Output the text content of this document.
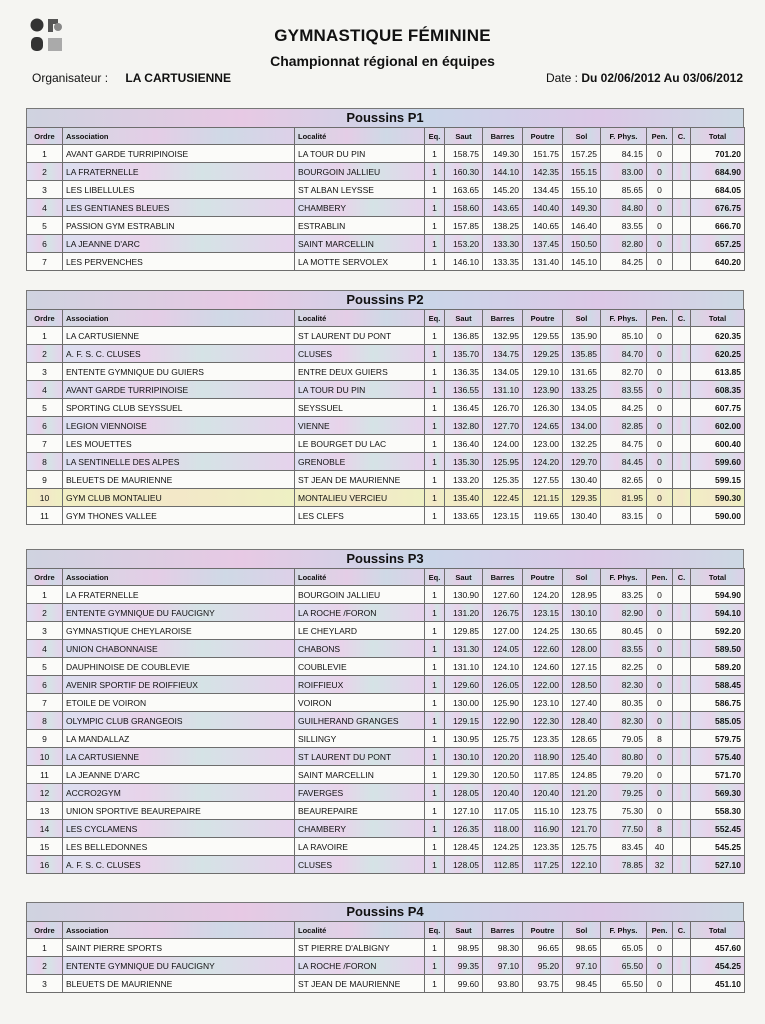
GYMNASTIQUE FÉMININE
Championnat régional en équipes
Organisateur : LA CARTUSIENNE	Date : Du 02/06/2012 Au 03/06/2012
Poussins P1
Ordre	Association	Localité	Eq.	Saut	Barres	Poutre	Sol	F. Phys.	Pen.	C.	Total
1	AVANT GARDE TURRIPINOISE	LA TOUR DU PIN	1	158.75	149.30	151.75	157.25	84.15	0		701.20
2	LA FRATERNELLE	BOURGOIN JALLIEU	1	160.30	144.10	142.35	155.15	83.00	0		684.90
3	LES LIBELLULES	ST ALBAN LEYSSE	1	163.65	145.20	134.45	155.10	85.65	0		684.05
4	LES GENTIANES BLEUES	CHAMBERY	1	158.60	143.65	140.40	149.30	84.80	0		676.75
5	PASSION GYM ESTRABLIN	ESTRABLIN	1	157.85	138.25	140.65	146.40	83.55	0		666.70
6	LA JEANNE D'ARC	SAINT MARCELLIN	1	153.20	133.30	137.45	150.50	82.80	0		657.25
7	LES PERVENCHES	LA MOTTE SERVOLEX	1	146.10	133.35	131.40	145.10	84.25	0		640.20
Poussins P2
Ordre	Association	Localité	Eq.	Saut	Barres	Poutre	Sol	F. Phys.	Pen.	C.	Total
1	LA CARTUSIENNE	ST LAURENT DU PONT	1	136.85	132.95	129.55	135.90	85.10	0		620.35
2	A. F. S. C. CLUSES	CLUSES	1	135.70	134.75	129.25	135.85	84.70	0		620.25
3	ENTENTE GYMNIQUE DU GUIERS	ENTRE DEUX GUIERS	1	136.35	134.05	129.10	131.65	82.70	0		613.85
4	AVANT GARDE TURRIPINOISE	LA TOUR DU PIN	1	136.55	131.10	123.90	133.25	83.55	0		608.35
5	SPORTING CLUB SEYSSUEL	SEYSSUEL	1	136.45	126.70	126.30	134.05	84.25	0		607.75
6	LEGION VIENNOISE	VIENNE	1	132.80	127.70	124.65	134.00	82.85	0		602.00
7	LES MOUETTES	LE BOURGET DU LAC	1	136.40	124.00	123.00	132.25	84.75	0		600.40
8	LA SENTINELLE DES ALPES	GRENOBLE	1	135.30	125.95	124.20	129.70	84.45	0		599.60
9	BLEUETS DE MAURIENNE	ST JEAN DE MAURIENNE	1	133.20	125.35	127.55	130.40	82.65	0		599.15
10	GYM CLUB MONTALIEU	MONTALIEU VERCIEU	1	135.40	122.45	121.15	129.35	81.95	0		590.30
11	GYM THONES VALLEE	LES CLEFS	1	133.65	123.15	119.65	130.40	83.15	0		590.00
Poussins P3
Ordre	Association	Localité	Eq.	Saut	Barres	Poutre	Sol	F. Phys.	Pen.	C.	Total
1	LA FRATERNELLE	BOURGOIN JALLIEU	1	130.90	127.60	124.20	128.95	83.25	0		594.90
2	ENTENTE GYMNIQUE DU FAUCIGNY	LA ROCHE /FORON	1	131.20	126.75	123.15	130.10	82.90	0		594.10
3	GYMNASTIQUE CHEYLAROISE	LE CHEYLARD	1	129.85	127.00	124.25	130.65	80.45	0		592.20
4	UNION CHABONNAISE	CHABONS	1	131.30	124.05	122.60	128.00	83.55	0		589.50
5	DAUPHINOISE DE COUBLEVIE	COUBLEVIE	1	131.10	124.10	124.60	127.15	82.25	0		589.20
6	AVENIR SPORTIF DE ROIFFIEUX	ROIFFIEUX	1	129.60	126.05	122.00	128.50	82.30	0		588.45
7	ETOILE DE VOIRON	VOIRON	1	130.00	125.90	123.10	127.40	80.35	0		586.75
8	OLYMPIC CLUB GRANGEOIS	GUILHERAND GRANGES	1	129.15	122.90	122.30	128.40	82.30	0		585.05
9	LA MANDALLAZ	SILLINGY	1	130.95	125.75	123.35	128.65	79.05	8		579.75
10	LA CARTUSIENNE	ST LAURENT DU PONT	1	130.10	120.20	118.90	125.40	80.80	0		575.40
11	LA JEANNE D'ARC	SAINT MARCELLIN	1	129.30	120.50	117.85	124.85	79.20	0		571.70
12	ACCRO2GYM	FAVERGES	1	128.05	120.40	120.40	121.20	79.25	0		569.30
13	UNION SPORTIVE BEAUREPAIRE	BEAUREPAIRE	1	127.10	117.05	115.10	123.75	75.30	0		558.30
14	LES CYCLAMENS	CHAMBERY	1	126.35	118.00	116.90	121.70	77.50	8		552.45
15	LES BELLEDONNES	LA RAVOIRE	1	128.45	124.25	123.35	125.75	83.45	40		545.25
16	A. F. S. C. CLUSES	CLUSES	1	128.05	112.85	117.25	122.10	78.85	32		527.10
Poussins P4
Ordre	Association	Localité	Eq.	Saut	Barres	Poutre	Sol	F. Phys.	Pen.	C.	Total
1	SAINT PIERRE SPORTS	ST PIERRE D'ALBIGNY	1	98.95	98.30	96.65	98.65	65.05	0		457.60
2	ENTENTE GYMNIQUE DU FAUCIGNY	LA ROCHE /FORON	1	99.35	97.10	95.20	97.10	65.50	0		454.25
3	BLEUETS DE MAURIENNE	ST JEAN DE MAURIENNE	1	99.60	93.80	93.75	98.45	65.50	0		451.10
